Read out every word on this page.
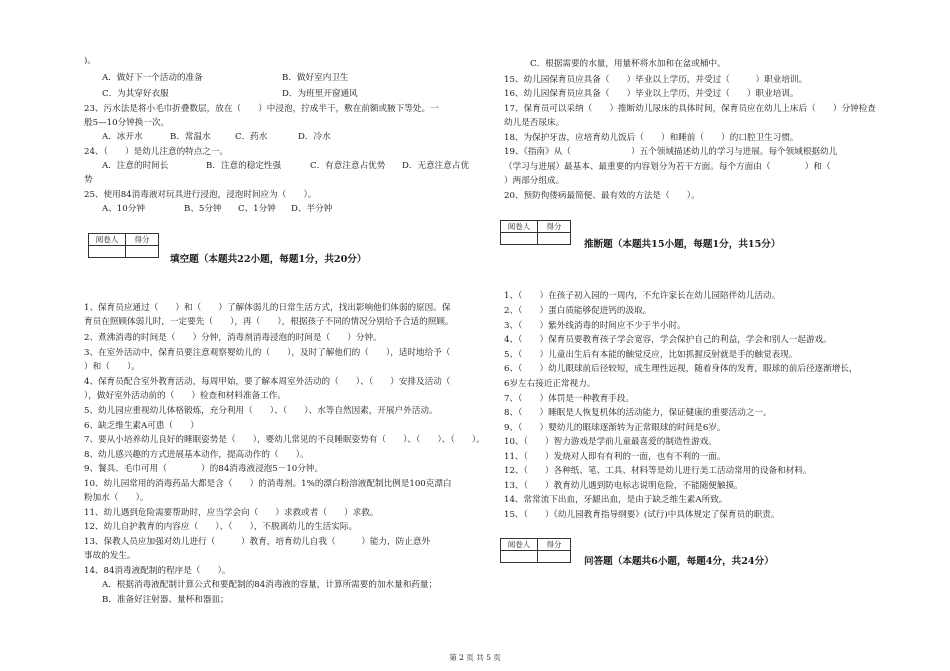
)。
A．做好下一个活动的准备	B．做好室内卫生
C．为其穿好衣服	D．为班里开窗通风
23、污水法是将小毛巾折叠数层，放在（　　）中浸泡，拧成半干，敷在前额或腋下等处。一
般5—10分钟换一次。
A．冰开水	B．常温水	C．药水	D．冷水
24、（　　）是幼儿注意的特点之一。
A．注意的时间长	B．注意的稳定性强	C．有意注意占优势 D．无意注意占优
势
25、使用84消毒液对玩具进行浸泡，浸泡时间应为（　　）。
A、10分钟	B、5分钟 C、1分钟 D、半分钟
阅卷人	得分

填空题（本题共22小题，每题1分，共20分）
1、保育员应通过（　　）和（　　）了解体弱儿的日常生活方式，找出影响他们体弱的原因。保
育员在照顾体弱儿时，一定要先（　　），再（　　），根据孩子不同的情况分别给予合适的照顾。
2、煮沸消毒的时间是（　　）分钟，消毒剂消毒浸泡的时间是（　　）分钟。
3、在室外活动中，保育员要注意观察婴幼儿的（　　），及时了解他们的（　　），适时地给予（
）和（　　）。
4、保育员配合室外教育活动，每周甲始，要了解本周室外活动的（　　）、（　　）安排及活动（
），做好室外活动前的（　　）检查和材料准备工作。
5、幼儿园应重视幼儿体格锻炼，充分利用（　　）、（　　）、水等自然因素，开展户外活动。
6、缺乏维生素A可患（　　）
7、要从小培养幼儿良好的睡眠姿势是（　　），婴幼儿常见的不良睡眠姿势有（　　）、（　　）、（　　）。
8、幼儿感兴趣的方式进展基本动作，提高动作的（　　）。
9、餐具、毛巾可用（　　　　）的84消毒液浸泡5－10分钟。
10、幼儿园常用的消毒药品大都是含（　　）的消毒剂。1%的漂白粉溶液配制比例是100克漂白
粉加水（　　）。
11、幼儿遇到危险需要帮助时，应当学会向（　　）求救或者（　　）求救。
12、幼儿自护教育的内容应（　　）、（　　），不脱离幼儿的生活实际。
13、保教人员应加强对幼儿进行（　　　）教育，培育幼儿自我（　　　）能力，防止意外
事故的发生。
14、84消毒液配制的程序是（　　）。
A．根据消毒液配制计算公式和要配制的84消毒液的容量，计算所需要的加水量和药量；
B．准备好注射器、量杯和器皿；
C．根据需要的水量，用量杯将水加和在盆或桶中。
15、幼儿园保育员应具备（　　）毕业以上学历，并受过（　　　）职业培训。
16、幼儿园保育员应具备（　　）毕业以上学历，并受过（　　）职业培训。
17、保育员可以采纳（　　）推断幼儿尿床的具体时间，保育员应在幼儿上床后（　　）分钟检查
幼儿是否尿床。
18、为保护牙齿，应培育幼儿饭后（　　）和睡前（　　）的口腔卫生习惯。
19、《指南》从（　　　　　　　）五个领域描述幼儿的学习与进展。每个领域根据幼儿
（学习与进展）最基本、最重要的内容划分为若干方面。每个方面由（　　　　）和（
）两部分组成。
20、预防佝偻病最简便、最有效的方法是（　　）。
阅卷人	得分

推断题（本题共15小题，每题1分，共15分）
1、（　　）在孩子初入园的一周内，不允许家长在幼儿园陪伴幼儿活动。
2、（　　）蛋白质能够促进钙的汲取。
3、（　　）紫外线消毒的时间应不少于半小时。
4、（　　）保育员要教育孩子学会宽容，学会保护自己的利益，学会和别人一起游戏。
5、（　　）儿童出生后有本能的触觉反应，比如抓握反射就是手的触觉表现。
6、（　　）幼儿眼球前后径较短，成生理性远视，随着身体的发育，眼球的前后径逐渐增长，
6岁左右接近正常视力。
7、（　　）体罚是一种教育手段。
8、（　　）睡眠是人恢复机体的活动能力，保证健康的重要活动之一。
9、（　　）婴幼儿的眼球逐渐转为正常眼球的时间是6岁。
10、（　　）智力游戏是学前儿童最喜爱的制造性游戏。
11、（　　）发烧对人即有有利的一面，也有不利的一面。
12、（　　）各种纸、笔、工具、材料等是幼儿进行美工活动常用的设备和材料。
13、（　　）教育幼儿遇到防电标志说明危险，不能随便触摸。
14、常常流下出血，牙龈出血，是由于缺乏维生素A所致。
15、（　　）《幼儿园教育指导纲要》(试行)中具体规定了保育员的职责。
阅卷人	得分

问答题（本题共6小题，每题4分，共24分）
第 2 页 共 5 页
